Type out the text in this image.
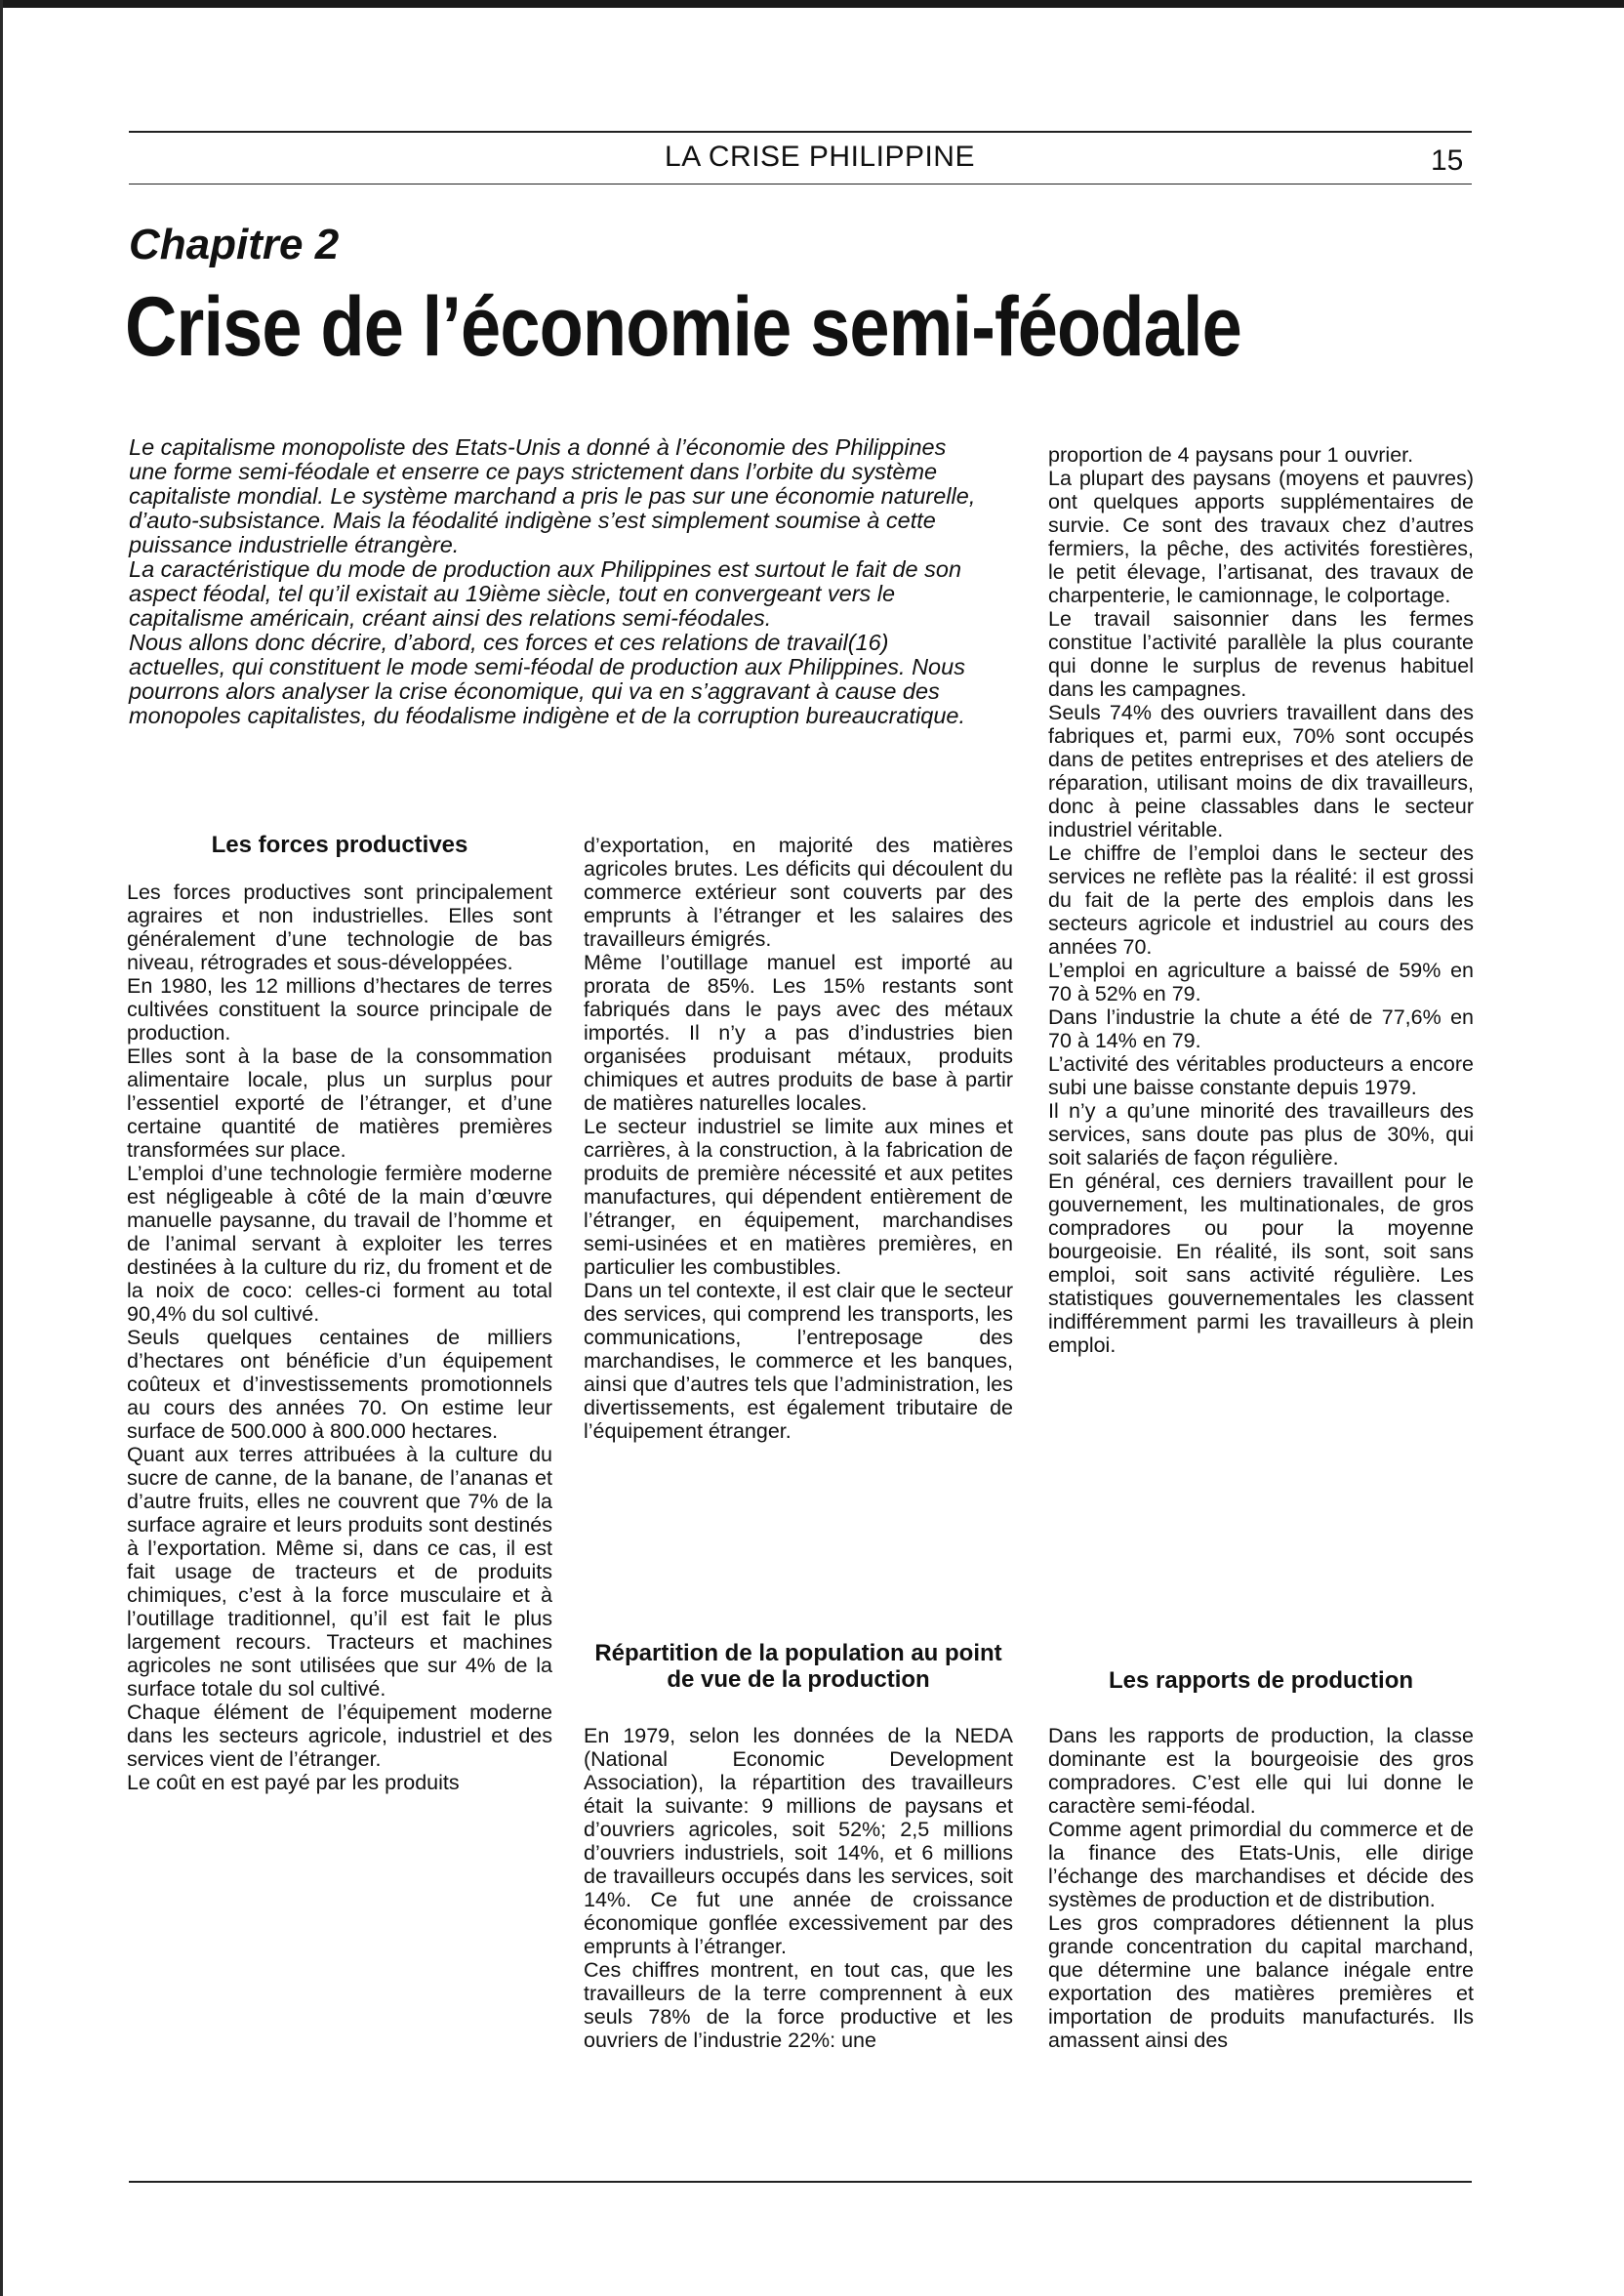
LA CRISE PHILIPPINE	15
Chapitre 2
Crise de l’économie semi-féodale

Le capitalisme monopoliste des Etats-Unis a donné à l’économie des Philippines une forme semi-féodale et enserre ce pays strictement dans l’orbite du système capitaliste mondial. Le système marchand a pris le pas sur une économie naturelle, d’auto-subsistance. Mais la féodalité indigène s’est simplement soumise à cette puissance industrielle étrangère.

La caractéristique du mode de production aux Philippines est surtout le fait de son aspect féodal, tel qu’il existait au 19ième siècle, tout en convergeant vers le capitalisme américain, créant ainsi des relations semi-féodales.

Nous allons donc décrire, d’abord, ces forces et ces relations de travail(16) actuelles, qui constituent le mode semi-féodal de production aux Philippines. Nous pourrons alors analyser la crise économique, qui va en s’aggravant à cause des monopoles capitalistes, du féodalisme indigène et de la corruption bureaucratique.

Les forces productives

Les forces productives sont principalement agraires et non industrielles. Elles sont généralement d’une technologie de bas niveau, rétrogrades et sous-développées.

En 1980, les 12 millions d’hectares de terres cultivées constituent la source principale de production.

Elles sont à la base de la consommation alimentaire locale, plus un surplus pour l’essentiel exporté de l’étranger, et d’une certaine quantité de matières premières transformées sur place.

L’emploi d’une technologie fermière moderne est négligeable à côté de la main d’œuvre manuelle paysanne, du travail de l’homme et de l’animal servant à exploiter les terres destinées à la culture du riz, du froment et de la noix de coco: celles-ci forment au total 90,4% du sol cultivé.

Seuls quelques centaines de milliers d’hectares ont bénéficie d’un équipement coûteux et d’investissements promotionnels au cours des années 70. On estime leur surface de 500.000 à 800.000 hectares.

Quant aux terres attribuées à la culture du sucre de canne, de la banane, de l’ananas et d’autre fruits, elles ne couvrent que 7% de la surface agraire et leurs produits sont destinés à l’exportation. Même si, dans ce cas, il est fait usage de tracteurs et de produits chimiques, c’est à la force musculaire et à l’outillage traditionnel, qu’il est fait le plus largement recours. Tracteurs et machines agricoles ne sont utilisées que sur 4% de la surface totale du sol cultivé.

Chaque élément de l’équipement moderne dans les secteurs agricole, industriel et des services vient de l’étranger.

Le coût en est payé par les produits

d’exportation, en majorité des matières agricoles brutes. Les déficits qui découlent du commerce extérieur sont couverts par des emprunts à l’étranger et les salaires des travailleurs émigrés.

Même l’outillage manuel est importé au prorata de 85%. Les 15% restants sont fabriqués dans le pays avec des métaux importés. Il n’y a pas d’industries bien organisées produisant métaux, produits chimiques et autres produits de base à partir de matières naturelles locales.

Le secteur industriel se limite aux mines et carrières, à la construction, à la fabrication de produits de première nécessité et aux petites manufactures, qui dépendent entièrement de l’étranger, en équipement, marchandises semi-usinées et en matières premières, en particulier les combustibles.

Dans un tel contexte, il est clair que le secteur des services, qui comprend les transports, les communications, l’entreposage des marchandises, le commerce et les banques, ainsi que d’autres tels que l’administration, les divertissements, est également tributaire de l’équipement étranger.

Répartition de la population au point de vue de la production

En 1979, selon les données de la NEDA (National Economic Development Association), la répartition des travailleurs était la suivante: 9 millions de paysans et d’ouvriers agricoles, soit 52%; 2,5 millions d’ouvriers industriels, soit 14%, et 6 millions de travailleurs occupés dans les services, soit 14%. Ce fut une année de croissance économique gonflée excessivement par des emprunts à l’étranger.

Ces chiffres montrent, en tout cas, que les travailleurs de la terre comprennent à eux seuls 78% de la force productive et les ouvriers de l’industrie 22%: une

proportion de 4 paysans pour 1 ouvrier.

La plupart des paysans (moyens et pauvres) ont quelques apports supplémentaires de survie. Ce sont des travaux chez d’autres fermiers, la pêche, des activités forestières, le petit élevage, l’artisanat, des travaux de charpenterie, le camionnage, le colportage.

Le travail saisonnier dans les fermes constitue l’activité parallèle la plus courante qui donne le surplus de revenus habituel dans les campagnes.

Seuls 74% des ouvriers travaillent dans des fabriques et, parmi eux, 70% sont occupés dans de petites entreprises et des ateliers de réparation, utilisant moins de dix travailleurs, donc à peine classables dans le secteur industriel véritable.

Le chiffre de l’emploi dans le secteur des services ne reflète pas la réalité: il est grossi du fait de la perte des emplois dans les secteurs agricole et industriel au cours des années 70.

L’emploi en agriculture a baissé de 59% en 70 à 52% en 79.

Dans l’industrie la chute a été de 77,6% en 70 à 14% en 79.

L’activité des véritables producteurs a encore subi une baisse constante depuis 1979.

Il n’y a qu’une minorité des travailleurs des services, sans doute pas plus de 30%, qui soit salariés de façon régulière.

En général, ces derniers travaillent pour le gouvernement, les multinationales, de gros compradores ou pour la moyenne bourgeoisie. En réalité, ils sont, soit sans emploi, soit sans activité régulière. Les statistiques gouvernementales les classent indifféremment parmi les travailleurs à plein emploi.

Les rapports de production

Dans les rapports de production, la classe dominante est la bourgeoisie des gros compradores. C’est elle qui lui donne le caractère semi-féodal.

Comme agent primordial du commerce et de la finance des Etats-Unis, elle dirige l’échange des marchandises et décide des systèmes de production et de distribution.

Les gros compradores détiennent la plus grande concentration du capital marchand, que détermine une balance inégale entre exportation des matières premières et importation de produits manufacturés. Ils amassent ainsi des
